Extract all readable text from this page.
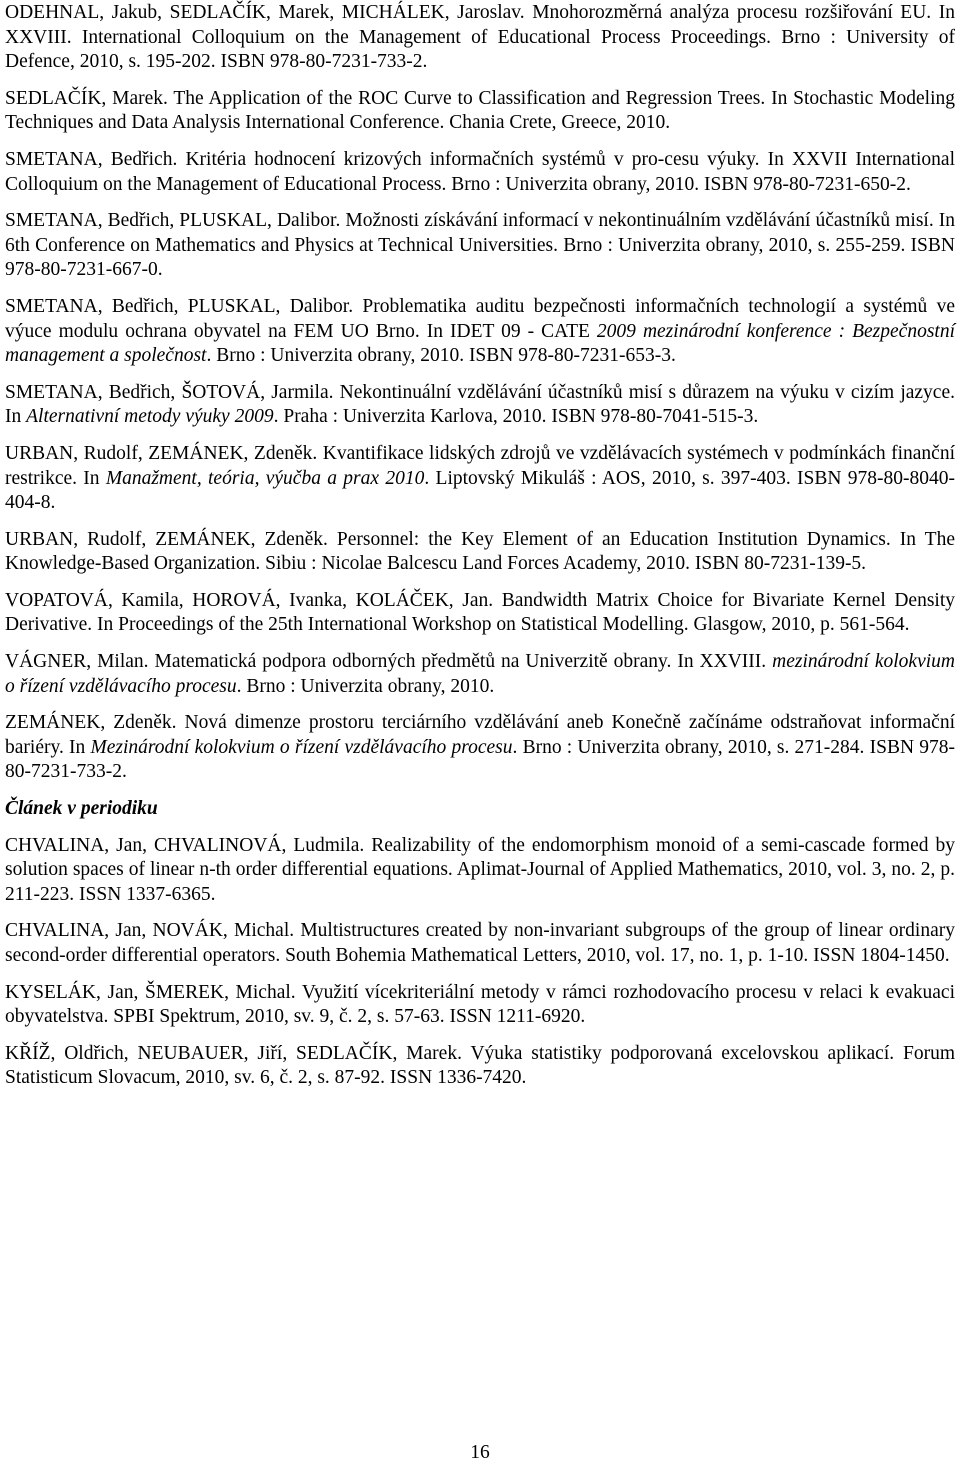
ODEHNAL, Jakub, SEDLAČÍK, Marek, MICHÁLEK, Jaroslav. Mnohorozměrná analýza procesu rozšiřování EU. In XXVIII. International Colloquium on the Management of Educational Process Proceedings. Brno : University of Defence, 2010, s. 195-202. ISBN 978-80-7231-733-2.
SEDLAČÍK, Marek. The Application of the ROC Curve to Classification and Regression Trees. In Stochastic Modeling Techniques and Data Analysis International Conference. Chania Crete, Greece, 2010.
SMETANA, Bedřich. Kritéria hodnocení krizových informačních systémů v pro-cesu výuky. In XXVII International Colloquium on the Management of Educational Process. Brno : Univerzita obrany, 2010. ISBN 978-80-7231-650-2.
SMETANA, Bedřich, PLUSKAL, Dalibor. Možnosti získávání informací v nekontinuálním vzdělávání účastníků misí. In 6th Conference on Mathematics and Physics at Technical Universities. Brno : Univerzita obrany, 2010, s. 255-259. ISBN 978-80-7231-667-0.
SMETANA, Bedřich, PLUSKAL, Dalibor. Problematika auditu bezpečnosti informačních technologií a systémů ve výuce modulu ochrana obyvatel na FEM UO Brno. In IDET 09 - CATE 2009 mezinárodní konference : Bezpečnostní management a společnost. Brno : Univerzita obrany, 2010. ISBN 978-80-7231-653-3.
SMETANA, Bedřich, ŠOTOVÁ, Jarmila. Nekontinuální vzdělávání účastníků misí s důrazem na výuku v cizím jazyce. In Alternativní metody výuky 2009. Praha : Univerzita Karlova, 2010. ISBN 978-80-7041-515-3.
URBAN, Rudolf, ZEMÁNEK, Zdeněk. Kvantifikace lidských zdrojů ve vzdělávacích systémech v podmínkách finanční restrikce. In Manažment, teória, výučba a prax 2010. Liptovský Mikuláš : AOS, 2010, s. 397-403. ISBN 978-80-8040-404-8.
URBAN, Rudolf, ZEMÁNEK, Zdeněk. Personnel: the Key Element of an Education Institution Dynamics. In The Knowledge-Based Organization. Sibiu : Nicolae Balcescu Land Forces Academy, 2010. ISBN 80-7231-139-5.
VOPATOVÁ, Kamila, HOROVÁ, Ivanka, KOLÁČEK, Jan. Bandwidth Matrix Choice for Bivariate Kernel Density Derivative. In Proceedings of the 25th International Workshop on Statistical Modelling. Glasgow, 2010, p. 561-564.
VÁGNER, Milan. Matematická podpora odborných předmětů na Univerzitě obrany. In XXVIII. mezinárodní kolokvium o řízení vzdělávacího procesu. Brno : Univerzita obrany, 2010.
ZEMÁNEK, Zdeněk. Nová dimenze prostoru terciárního vzdělávání aneb Konečně začínáme odstraňovat informační bariéry. In Mezinárodní kolokvium o řízení vzdělávacího procesu. Brno : Univerzita obrany, 2010, s. 271-284. ISBN 978-80-7231-733-2.
Článek v periodiku
CHVALINA, Jan, CHVALINOVÁ, Ludmila. Realizability of the endomorphism monoid of a semi-cascade formed by solution spaces of linear n-th order differential equations. Aplimat-Journal of Applied Mathematics, 2010, vol. 3, no. 2, p. 211-223. ISSN 1337-6365.
CHVALINA, Jan, NOVÁK, Michal. Multistructures created by non-invariant subgroups of the group of linear ordinary second-order differential operators. South Bohemia Mathematical Letters, 2010, vol. 17, no. 1, p. 1-10. ISSN 1804-1450.
KYSELÁK, Jan, ŠMEREK, Michal. Využití vícekriteriální metody v rámci rozhodovacího procesu v relaci k evakuaci obyvatelstva. SPBI Spektrum, 2010, sv. 9, č. 2, s. 57-63. ISSN 1211-6920.
KŘÍŽ, Oldřich, NEUBAUER, Jiří, SEDLAČÍK, Marek. Výuka statistiky podporovaná excelovskou aplikací. Forum Statisticum Slovacum, 2010, sv. 6, č. 2, s. 87-92. ISSN 1336-7420.
16
